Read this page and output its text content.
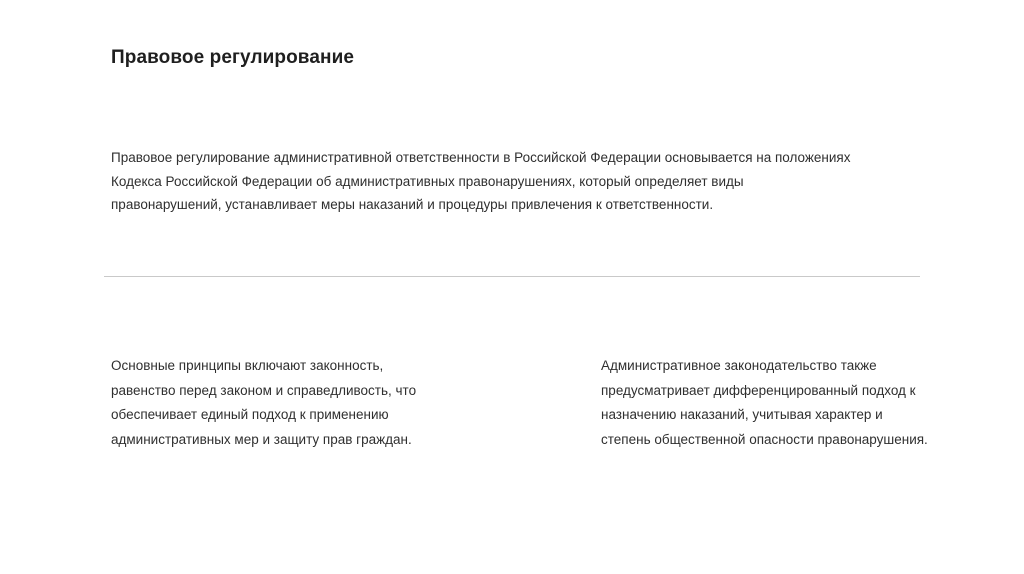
Правовое регулирование
Правовое регулирование административной ответственности в Российской Федерации основывается на положениях
Кодекса Российской Федерации об административных правонарушениях, который определяет виды
правонарушений, устанавливает меры наказаний и процедуры привлечения к ответственности.
Основные принципы включают законность,
равенство перед законом и справедливость, что
обеспечивает единый подход к применению
административных мер и защиту прав граждан.
Административное законодательство также
предусматривает дифференцированный подход к
назначению наказаний, учитывая характер и
степень общественной опасности правонарушения.
